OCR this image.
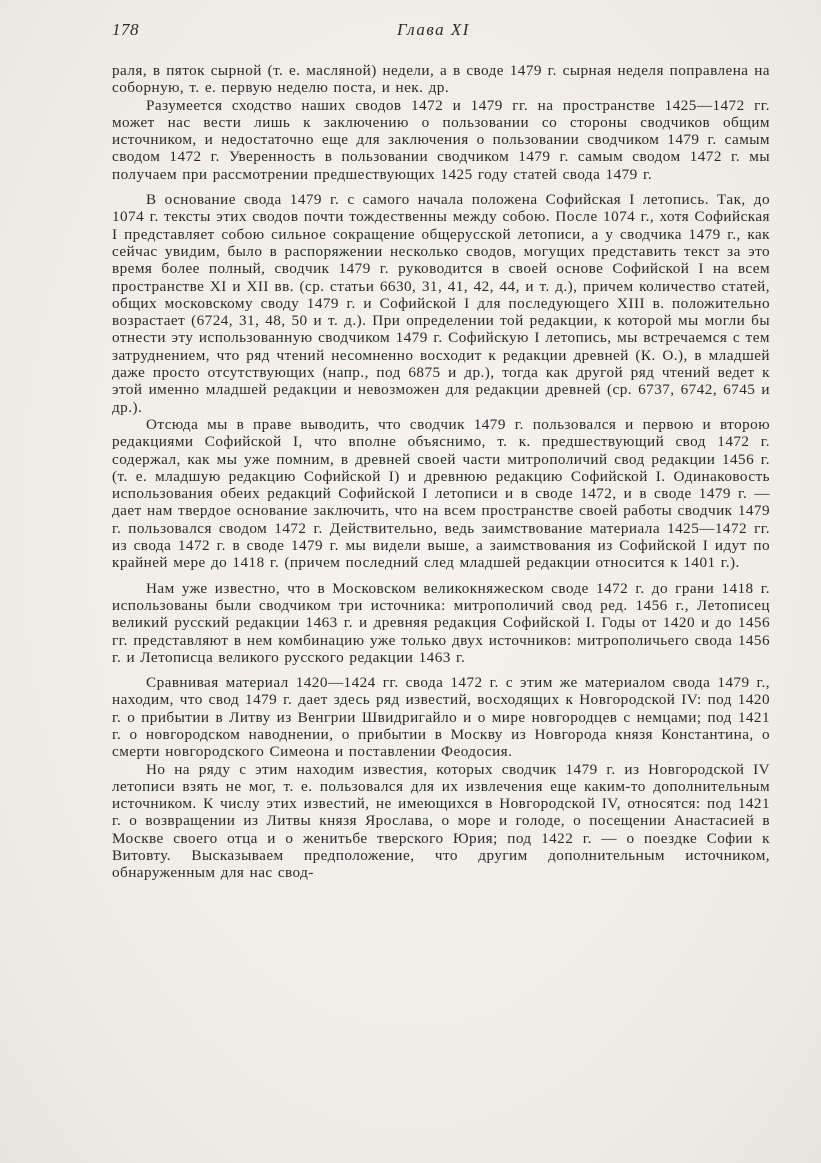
178	Глава XI

раля, в пяток сырной (т. е. масляной) недели, а в своде 1479 г. сырная неделя поправлена на соборную, т. е. первую неделю поста, и нек. др.

Разумеется сходство наших сводов 1472 и 1479 гг. на пространстве 1425—1472 гг. может нас вести лишь к заключению о пользовании со стороны сводчиков общим источником, и недостаточно еще для заключения о пользовании сводчиком 1479 г. самым сводом 1472 г. Уверенность в пользовании сводчиком 1479 г. самым сводом 1472 г. мы получаем при рассмотрении предшествующих 1425 году статей свода 1479 г.

В основание свода 1479 г. с самого начала положена Софийская I летопись. Так, до 1074 г. тексты этих сводов почти тождественны между собою. После 1074 г., хотя Софийская I представляет собою сильное сокращение общерусской летописи, а у сводчика 1479 г., как сейчас увидим, было в распоряжении несколько сводов, могущих представить текст за это время более полный, сводчик 1479 г. руководится в своей основе Софийской I на всем пространстве XI и XII вв. (ср. статьи 6630, 31, 41, 42, 44, и т. д.), причем количество статей, общих московскому своду 1479 г. и Софийской I для последующего XIII в. положительно возрастает (6724, 31, 48, 50 и т. д.). При определении той редакции, к которой мы могли бы отнести эту использованную сводчиком 1479 г. Софийскую I летопись, мы встречаемся с тем затруднением, что ряд чтений несомненно восходит к редакции древней (К. О.), в младшей даже просто отсутствующих (напр., под 6875 и др.), тогда как другой ряд чтений ведет к этой именно младшей редакции и невозможен для редакции древней (ср. 6737, 6742, 6745 и др.).

Отсюда мы в праве выводить, что сводчик 1479 г. пользовался и первою и второю редакциями Софийской I, что вполне объяснимо, т. к. предшествующий свод 1472 г. содержал, как мы уже помним, в древней своей части митрополичий свод редакции 1456 г. (т. е. младшую редакцию Софийской I) и древнюю редакцию Софийской I. Одинаковость использования обеих редакций Софийской I летописи и в своде 1472, и в своде 1479 г. — дает нам твердое основание заключить, что на всем пространстве своей работы сводчик 1479 г. пользовался сводом 1472 г. Действительно, ведь заимствование материала 1425—1472 гг. из свода 1472 г. в своде 1479 г. мы видели выше, а заимствования из Софийской I идут по крайней мере до 1418 г. (причем последний след младшей редакции относится к 1401 г.).

Нам уже известно, что в Московском великокняжеском своде 1472 г. до грани 1418 г. использованы были сводчиком три источника: митрополичий свод ред. 1456 г., Летописец великий русский редакции 1463 г. и древняя редакция Софийской I. Годы от 1420 и до 1456 гг. представляют в нем комбинацию уже только двух источников: митрополичьего свода 1456 г. и Летописца великого русского редакции 1463 г.

Сравнивая материал 1420—1424 гг. свода 1472 г. с этим же материалом свода 1479 г., находим, что свод 1479 г. дает здесь ряд известий, восходящих к Новгородской IV: под 1420 г. о прибытии в Литву из Венгрии Швидригайло и о мире новгородцев с немцами; под 1421 г. о новгородском наводнении, о прибытии в Москву из Новгорода князя Константина, о смерти новгородского Симеона и поставлении Феодосия.

Но на ряду с этим находим известия, которых сводчик 1479 г. из Новгородской IV летописи взять не мог, т. е. пользовался для их извлечения еще каким-то дополнительным источником. К числу этих известий, не имеющихся в Новгородской IV, относятся: под 1421 г. о возвращении из Литвы князя Ярослава, о море и голоде, о посещении Анастасией в Москве своего отца и о женитьбе тверского Юрия; под 1422 г. — о поездке Софии к Витовту. Высказываем предположение, что другим дополнительным источником, обнаруженным для нас свод-
